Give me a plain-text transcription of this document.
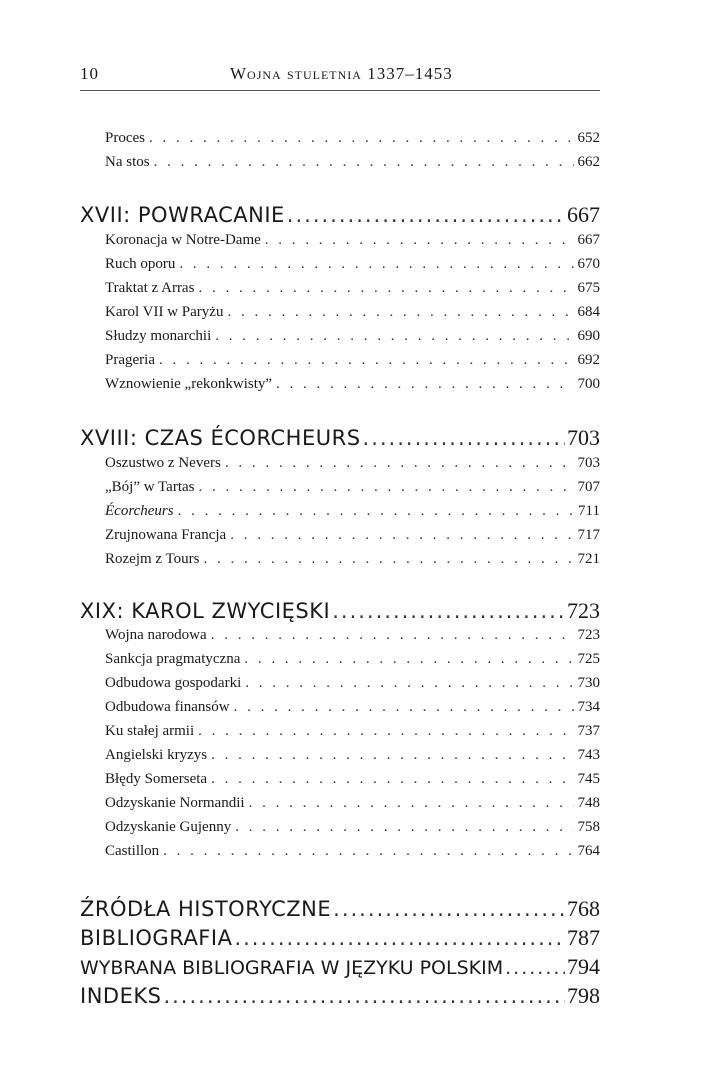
10	Wojna stuletnia 1337–1453
Proces . . .	652
Na stos . . .	662
XVII: POWRACANIE .....	667
Koronacja w Notre-Dame . . .	667
Ruch oporu . . .	670
Traktat z Arras . . .	675
Karol VII w Paryżu . . .	684
Słudzy monarchii . . .	690
Prageria . . .	692
Wznowienie „rekonkwisty” . . .	700
XVIII: CZAS ÉCORCHEURS .....	703
Oszustwo z Nevers . . .	703
„Bój” w Tartas . . .	707
Écorcheurs . . .	711
Zrujnowana Francja . . .	717
Rozejm z Tours . . .	721
XIX: KAROL ZWYCIĘSKI .....	723
Wojna narodowa . . .	723
Sankcja pragmatyczna . . .	725
Odbudowa gospodarki . . .	730
Odbudowa finansów . . .	734
Ku stałej armii . . .	737
Angielski kryzys . . .	743
Błędy Somerseta . . .	745
Odzyskanie Normandii . . .	748
Odzyskanie Gujenny . . .	758
Castillon . . .	764
ŹRÓDŁA HISTORYCZNE .....	768
BIBLIOGRAFIA .....	787
WYBRANA BIBLIOGRAFIA W JĘZYKU POLSKIM .....	794
INDEKS .....	798
